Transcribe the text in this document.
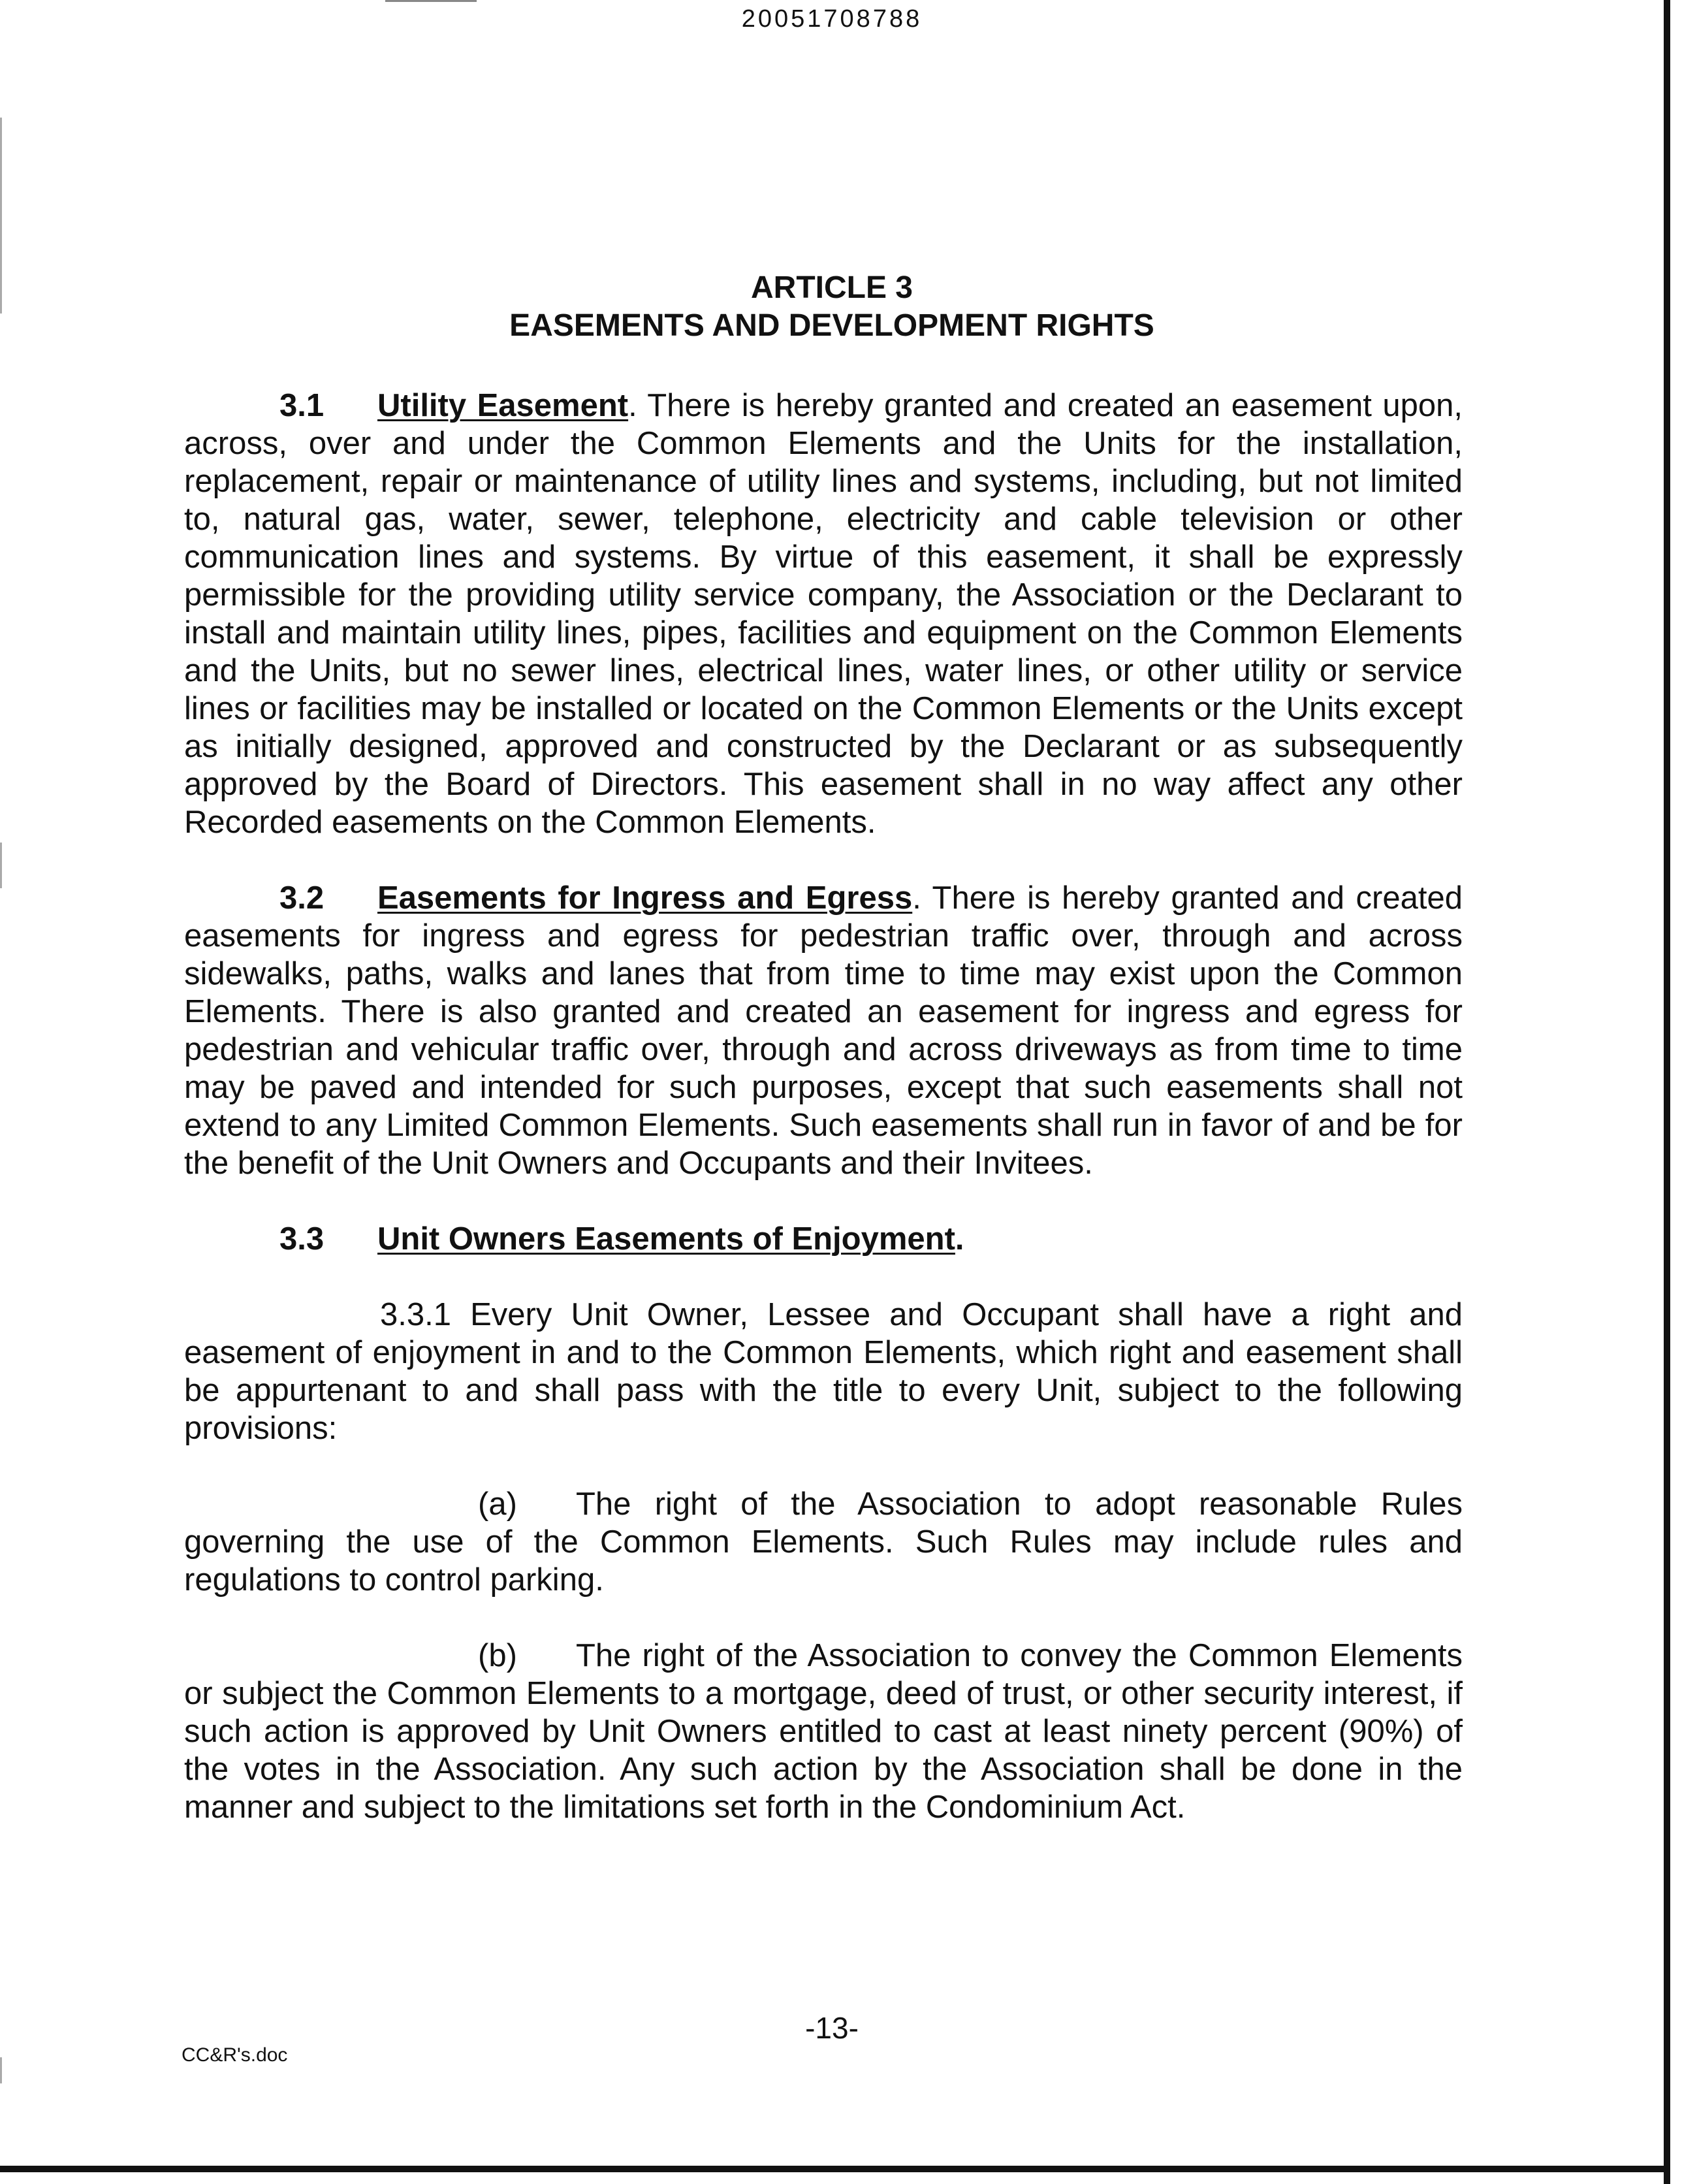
20051708788
ARTICLE 3
EASEMENTS AND DEVELOPMENT RIGHTS

3.1 Utility Easement. There is hereby granted and created an easement upon, across, over and under the Common Elements and the Units for the installation, replacement, repair or maintenance of utility lines and systems, including, but not limited to, natural gas, water, sewer, telephone, electricity and cable television or other communication lines and systems. By virtue of this easement, it shall be expressly permissible for the providing utility service company, the Association or the Declarant to install and maintain utility lines, pipes, facilities and equipment on the Common Elements and the Units, but no sewer lines, electrical lines, water lines, or other utility or service lines or facilities may be installed or located on the Common Elements or the Units except as initially designed, approved and constructed by the Declarant or as subsequently approved by the Board of Directors. This easement shall in no way affect any other Recorded easements on the Common Elements.

3.2 Easements for Ingress and Egress. There is hereby granted and created easements for ingress and egress for pedestrian traffic over, through and across sidewalks, paths, walks and lanes that from time to time may exist upon the Common Elements. There is also granted and created an easement for ingress and egress for pedestrian and vehicular traffic over, through and across driveways as from time to time may be paved and intended for such purposes, except that such easements shall not extend to any Limited Common Elements. Such easements shall run in favor of and be for the benefit of the Unit Owners and Occupants and their Invitees.

3.3 Unit Owners Easements of Enjoyment.

3.3.1 Every Unit Owner, Lessee and Occupant shall have a right and easement of enjoyment in and to the Common Elements, which right and easement shall be appurtenant to and shall pass with the title to every Unit, subject to the following provisions:

(a) The right of the Association to adopt reasonable Rules governing the use of the Common Elements. Such Rules may include rules and regulations to control parking.

(b) The right of the Association to convey the Common Elements or subject the Common Elements to a mortgage, deed of trust, or other security interest, if such action is approved by Unit Owners entitled to cast at least ninety percent (90%) of the votes in the Association. Any such action by the Association shall be done in the manner and subject to the limitations set forth in the Condominium Act.

-13-
CC&R's.doc
